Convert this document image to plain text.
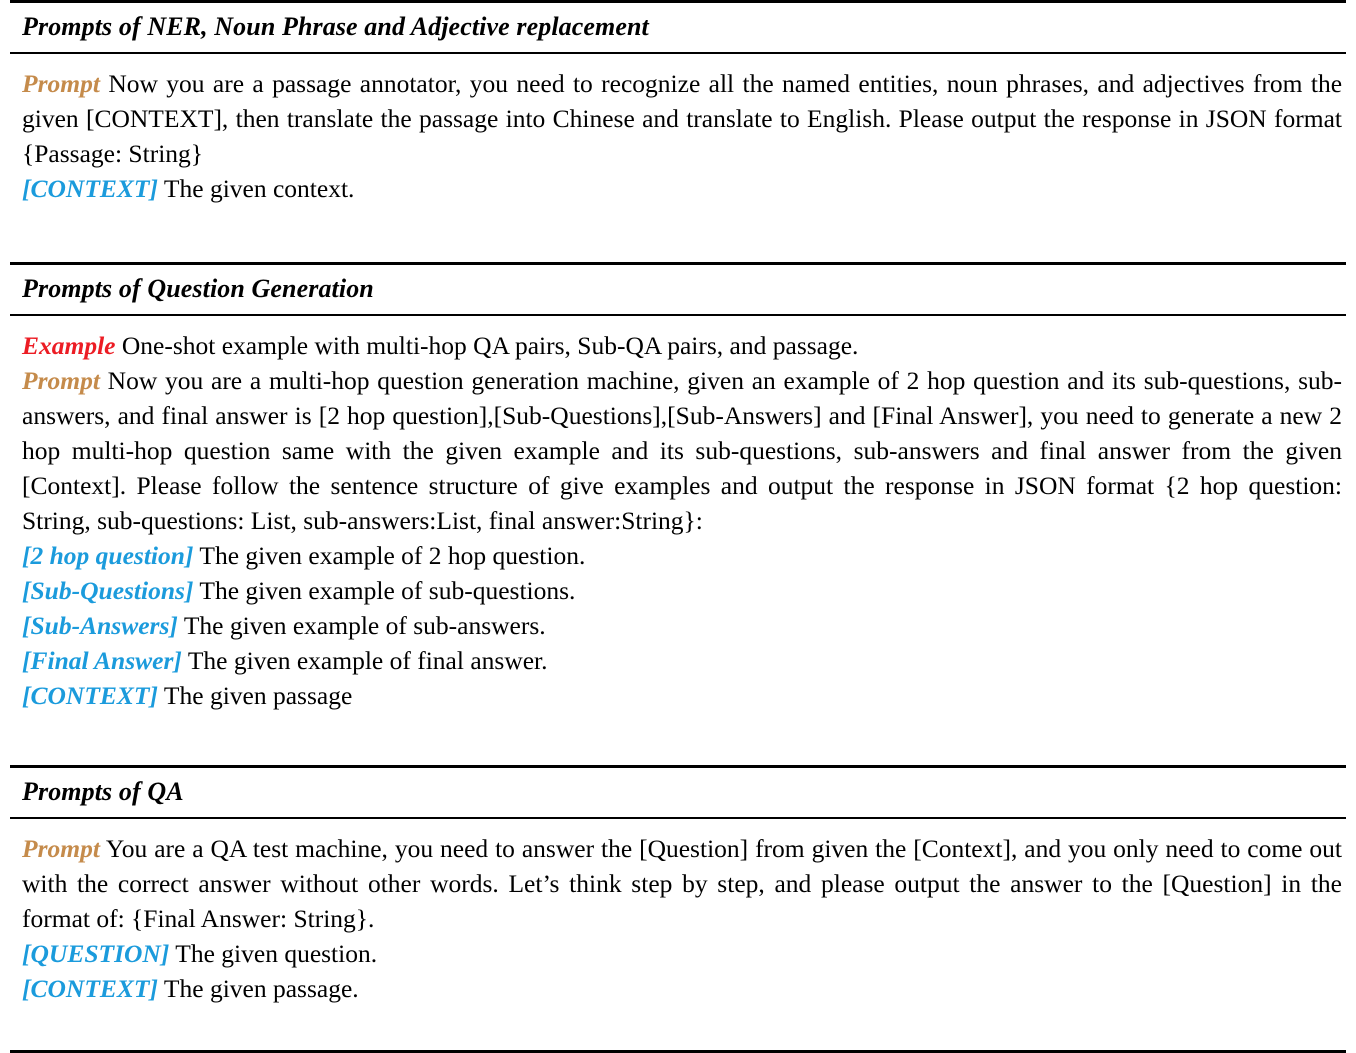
Prompts of NER, Noun Phrase and Adjective replacement

Prompt Now you are a passage annotator, you need to recognize all the named entities, noun phrases, and adjectives from the given [CONTEXT], then translate the passage into Chinese and translate to English. Please output the response in JSON format {Passage: String}

[CONTEXT] The given context.

Prompts of Question Generation

Example One-shot example with multi-hop QA pairs, Sub-QA pairs, and passage.

Prompt Now you are a multi-hop question generation machine, given an example of 2 hop question and its sub-questions, sub-answers, and final answer is [2 hop question],[Sub-Questions],[Sub-Answers] and [Final Answer], you need to generate a new 2 hop multi-hop question same with the given example and its sub-questions, sub-answers and final answer from the given [Context]. Please follow the sentence structure of give examples and output the response in JSON format {2 hop question: String, sub-questions: List, sub-answers:List, final answer:String}:

[2 hop question] The given example of 2 hop question.

[Sub-Questions] The given example of sub-questions.

[Sub-Answers] The given example of sub-answers.

[Final Answer] The given example of final answer.

[CONTEXT] The given passage

Prompts of QA

Prompt You are a QA test machine, you need to answer the [Question] from given the [Context], and you only need to come out with the correct answer without other words. Let’s think step by step, and please output the answer to the [Question] in the format of: {Final Answer: String}.

[QUESTION] The given question.

[CONTEXT] The given passage.
